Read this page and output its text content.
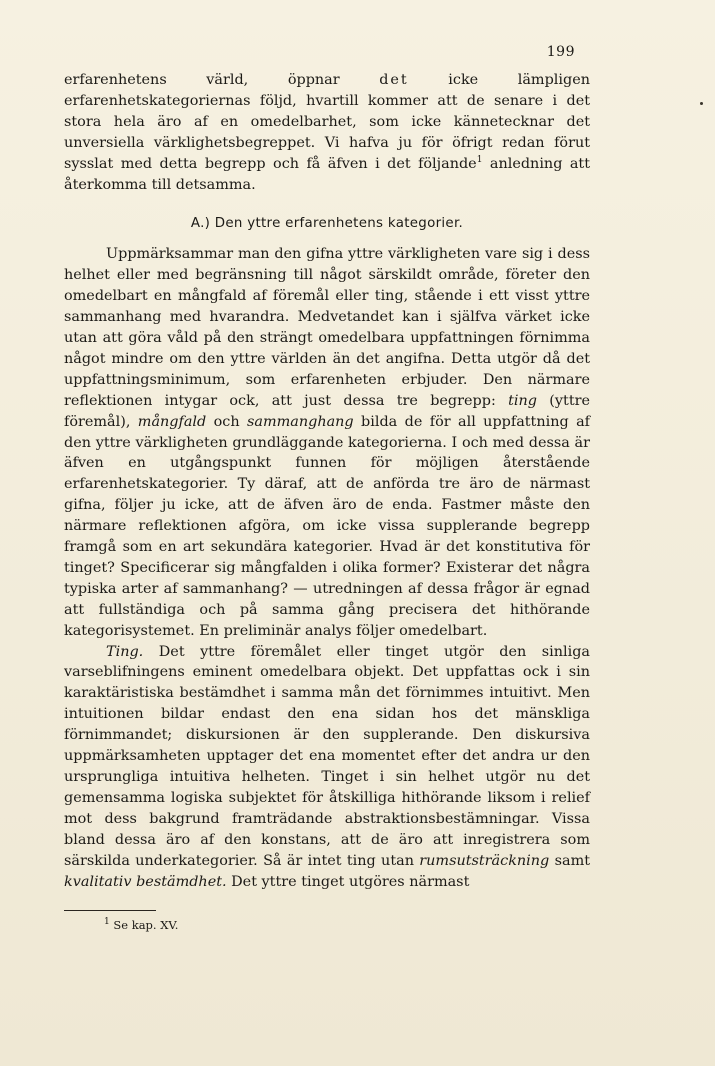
199

erfarenhetens värld, öppnar det icke lämpligen erfarenhetskategoriernas följd, hvartill kommer att de senare i det stora hela äro af en omedelbarhet, som icke kännetecknar det unversiella värklighetsbegreppet. Vi hafva ju för öfrigt redan förut sysslat med detta begrepp och få äfven i det följande$^1$ anledning att återkomma till detsamma.

A.) Den yttre erfarenhetens kategorier.

Uppmärksammar man den gifna yttre värkligheten vare sig i dess helhet eller med begränsning till något särskildt område, företer den omedelbart en mångfald af föremål eller ting, stående i ett visst yttre sammanhang med hvarandra. Medvetandet kan i själfva värket icke utan att göra våld på den strängt omedelbara uppfattningen förnimma något mindre om den yttre världen än det angifna. Detta utgör då det uppfattningsminimum, som erfarenheten erbjuder. Den närmare reflektionen intygar ock, att just dessa tre begrepp: ting (yttre föremål), mångfald och sammanghang bilda de för all uppfattning af den yttre värkligheten grundläggande kategorierna. I och med dessa är äfven en utgångspunkt funnen för möjligen återstående erfarenhetskategorier. Ty däraf, att de anförda tre äro de närmast gifna, följer ju icke, att de äfven äro de enda. Fastmer måste den närmare reflektionen afgöra, om icke vissa supplerande begrepp framgå som en art sekundära kategorier. Hvad är det konstitutiva för tinget? Specificerar sig mångfalden i olika former? Existerar det några typiska arter af sammanhang? — utredningen af dessa frågor är egnad att fullständiga och på samma gång precisera det hithörande kategorisystemet. En preliminär analys följer omedelbart.

Ting. Det yttre föremålet eller tinget utgör den sinliga varseblifningens eminent omedelbara objekt. Det uppfattas ock i sin karaktäristiska bestämdhet i samma mån det förnimmes intuitivt. Men intuitionen bildar endast den ena sidan hos det mänskliga förnimmandet; diskursionen är den supplerande. Den diskursiva uppmärksamheten upptager det ena momentet efter det andra ur den ursprungliga intuitiva helheten. Tinget i sin helhet utgör nu det gemensamma logiska subjektet för åtskilliga hithörande liksom i relief mot dess bakgrund framträdande abstraktionsbestämningar. Vissa bland dessa äro af den konstans, att de äro att inregistrera som särskilda underkategorier. Så är intet ting utan rumsutsträckning samt kvalitativ bestämdhet. Det yttre tinget utgöres närmast

$^1$ Se kap. XV.
